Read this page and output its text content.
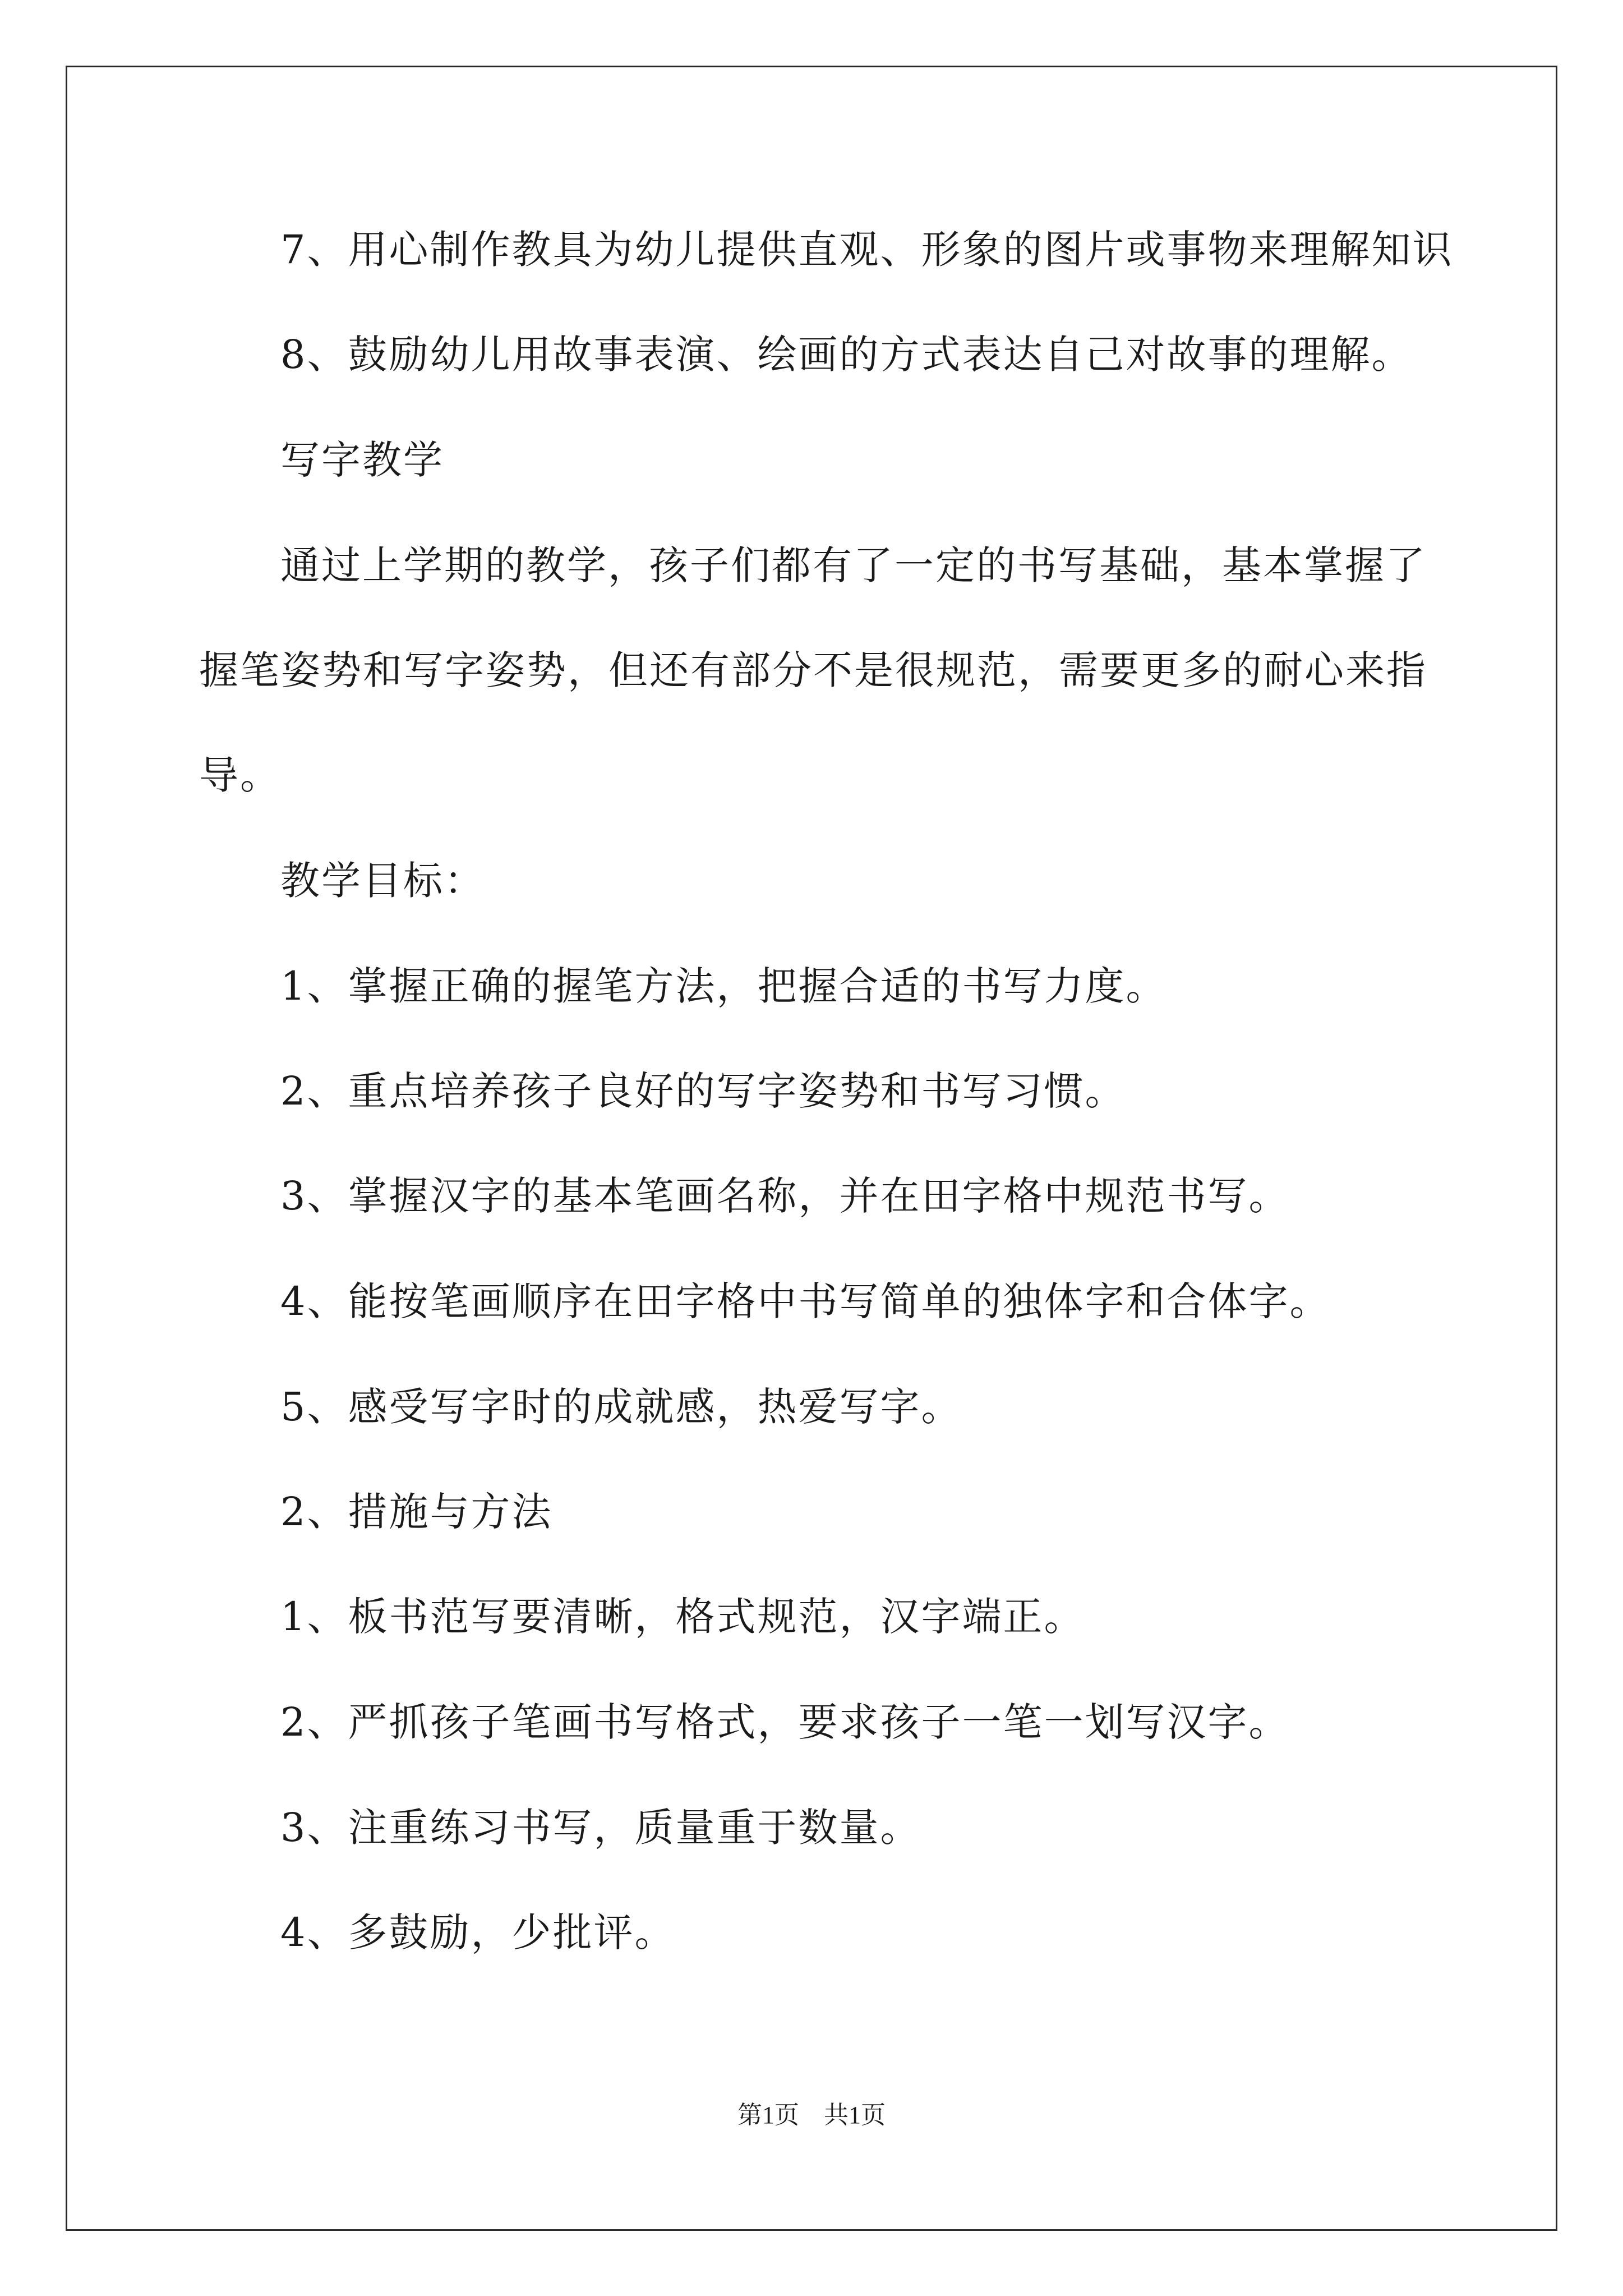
7、用心制作教具为幼儿提供直观、形象的图片或事物来理解知识
8、鼓励幼儿用故事表演、绘画的方式表达自己对故事的理解。
写字教学
通过上学期的教学，孩子们都有了一定的书写基础，基本掌握了
握笔姿势和写字姿势，但还有部分不是很规范，需要更多的耐心来指
导。
教学目标：
1、掌握正确的握笔方法，把握合适的书写力度。
2、重点培养孩子良好的写字姿势和书写习惯。
3、掌握汉字的基本笔画名称，并在田字格中规范书写。
4、能按笔画顺序在田字格中书写简单的独体字和合体字。
5、感受写字时的成就感，热爱写字。
2、措施与方法
1、板书范写要清晰，格式规范，汉字端正。
2、严抓孩子笔画书写格式，要求孩子一笔一划写汉字。
3、注重练习书写，质量重于数量。
4、多鼓励，少批评。
第1页　共1页
